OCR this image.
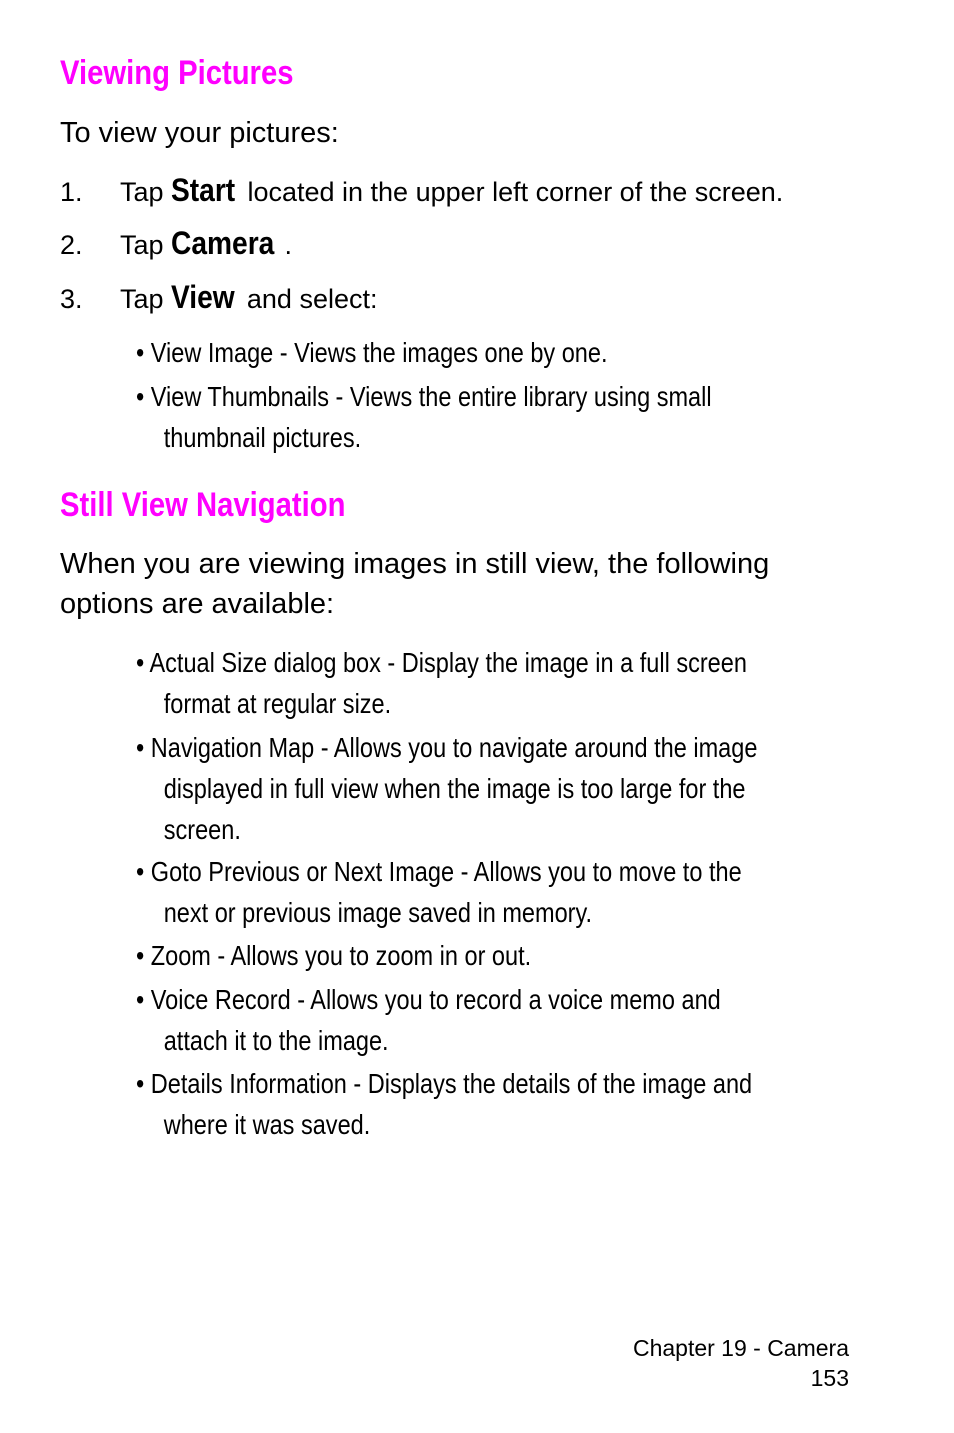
Viewing Pictures

To view your pictures:

1. Tap Start located in the upper left corner of the screen.

2. Tap Camera .

3. Tap View and select:

• View Image - Views the images one by one.

• View Thumbnails - Views the entire library using small
thumbnail pictures.

Still View Navigation

When you are viewing images in still view, the following
options are available:

• Actual Size dialog box - Display the image in a full screen
format at regular size.

• Navigation Map - Allows you to navigate around the image
displayed in full view when the image is too large for the
screen.

• Goto Previous or Next Image - Allows you to move to the
next or previous image saved in memory.

• Zoom - Allows you to zoom in or out.

• Voice Record - Allows you to record a voice memo and
attach it to the image.

• Details Information - Displays the details of the image and
where it was saved.

Chapter 19 - Camera
153
